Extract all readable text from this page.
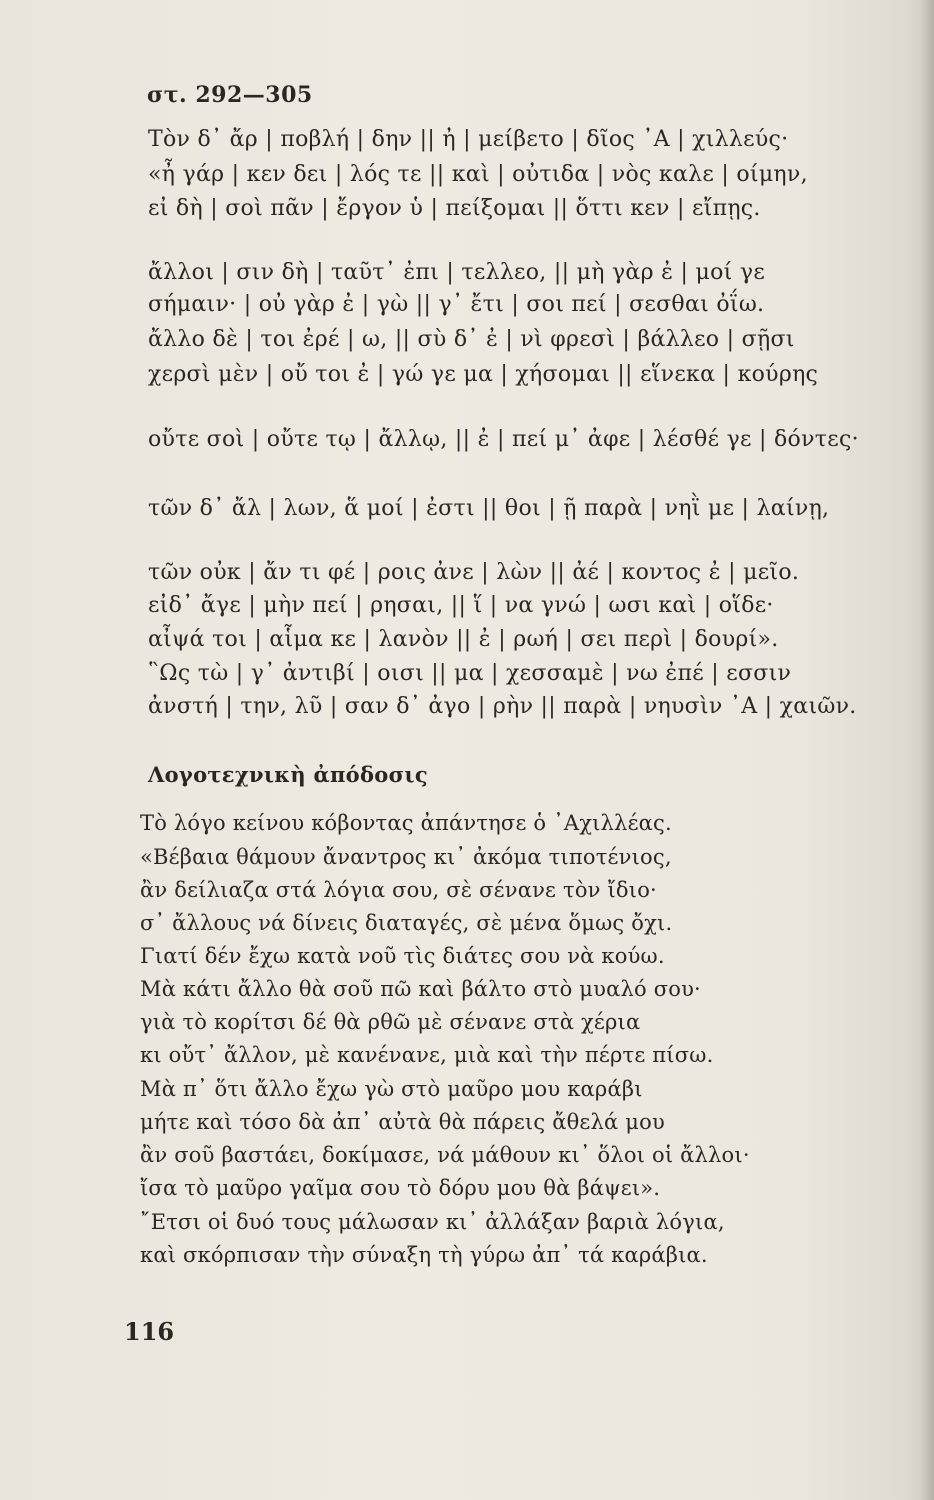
στ. 292—305
Τὸν δ᾽ ἄρ | ποβλή | δην || ἠ | μείβετο | δῖος ᾽Α | χιλλεύς·
«ἦ γάρ | κεν δει | λός τε || καὶ | οὐτιδα | νὸς καλε | οίμην,
εἰ δὴ | σοὶ πᾶν | ἔργον ὑ | πείξομαι || ὅττι κεν | εἴπῃς.
ἄλλοι | σιν δὴ | ταῦτ᾽ ἐπι | τελλεο, || μὴ γὰρ ἐ | μοί γε
σήμαιν· | οὐ γὰρ ἐ | γὼ || γ᾽ ἔτι | σοι πεί | σεσθαι ὀΐω.
ἄλλο δὲ | τοι ἐρέ | ω, || σὺ δ᾽ ἐ | νὶ φρεσὶ | βάλλεο | σῇσι
χερσὶ μὲν | οὔ τοι ἐ | γώ γε μα | χήσομαι || εἵνεκα | κούρης
οὔτε σοὶ | οὔτε τῳ | ἄλλῳ, || ἐ | πεί μ᾽ ἀφε | λέσθέ γε | δόντες·
τῶν δ᾽ ἄλ | λων, ἅ μοί | ἐστι || θοι | ῇ παρὰ | νηῒ με | λαίνῃ,
τῶν οὐκ | ἄν τι φέ | ροις ἀνε | λὼν || ἀέ | κοντος ἐ | μεῖο.
εἰδ᾽ ἄγε | μὴν πεί | ρησαι, || ἵ | να γνώ | ωσι καὶ | οἵδε·
αἶψά τοι | αἷμα κε | λανὸν || ἐ | ρωή | σει περὶ | δουρί».
῝Ως τὼ | γ᾽ ἀντιβί | οισι || μα | χεσσαμὲ | νω ἐπέ | εσσιν
ἀνστή | την, λῦ | σαν δ᾽ ἀγο | ρὴν || παρὰ | νηυσὶν ᾽Α | χαιῶν.
Λογοτεχνικὴ ἀπόδοσις
Τὸ λόγο κείνου κόβοντας ἀπάντησε ὁ ᾽Αχιλλέας.
«Βέβαια θάμουν ἄναντρος κι᾽ ἀκόμα τιποτένιος,
ἂν δείλιαζα στά λόγια σου, σὲ σένανε τὸν ἴδιο·
σ᾽ ἄλλους νά δίνεις διαταγές, σὲ μένα ὅμως ὄχι.
Γιατί δέν ἔχω κατὰ νοῦ τὶς διάτες σου νὰ κούω.
Μὰ κάτι ἄλλο θὰ σοῦ πῶ καὶ βάλτο στὸ μυαλό σου·
γιὰ τὸ κορίτσι δέ θὰ ρθῶ μὲ σένανε στὰ χέρια
κι οὔτ᾽ ἄλλον, μὲ κανένανε, μιὰ καὶ τὴν πέρτε πίσω.
Μὰ π᾽ ὅτι ἄλλο ἔχω γὼ στὸ μαῦρο μου καράβι
μήτε καὶ τόσο δὰ ἀπ᾽ αὐτὰ θὰ πάρεις ἄθελά μου
ἂν σοῦ βαστάει, δοκίμασε, νά μάθουν κι᾽ ὅλοι οἱ ἄλλοι·
ἴσα τὸ μαῦρο γαῖμα σου τὸ δόρυ μου θὰ βάψει».
῎Ετσι οἱ δυό τους μάλωσαν κι᾽ ἀλλάξαν βαριὰ λόγια,
καὶ σκόρπισαν τὴν σύναξη τὴ γύρω ἀπ᾽ τά καράβια.
116
